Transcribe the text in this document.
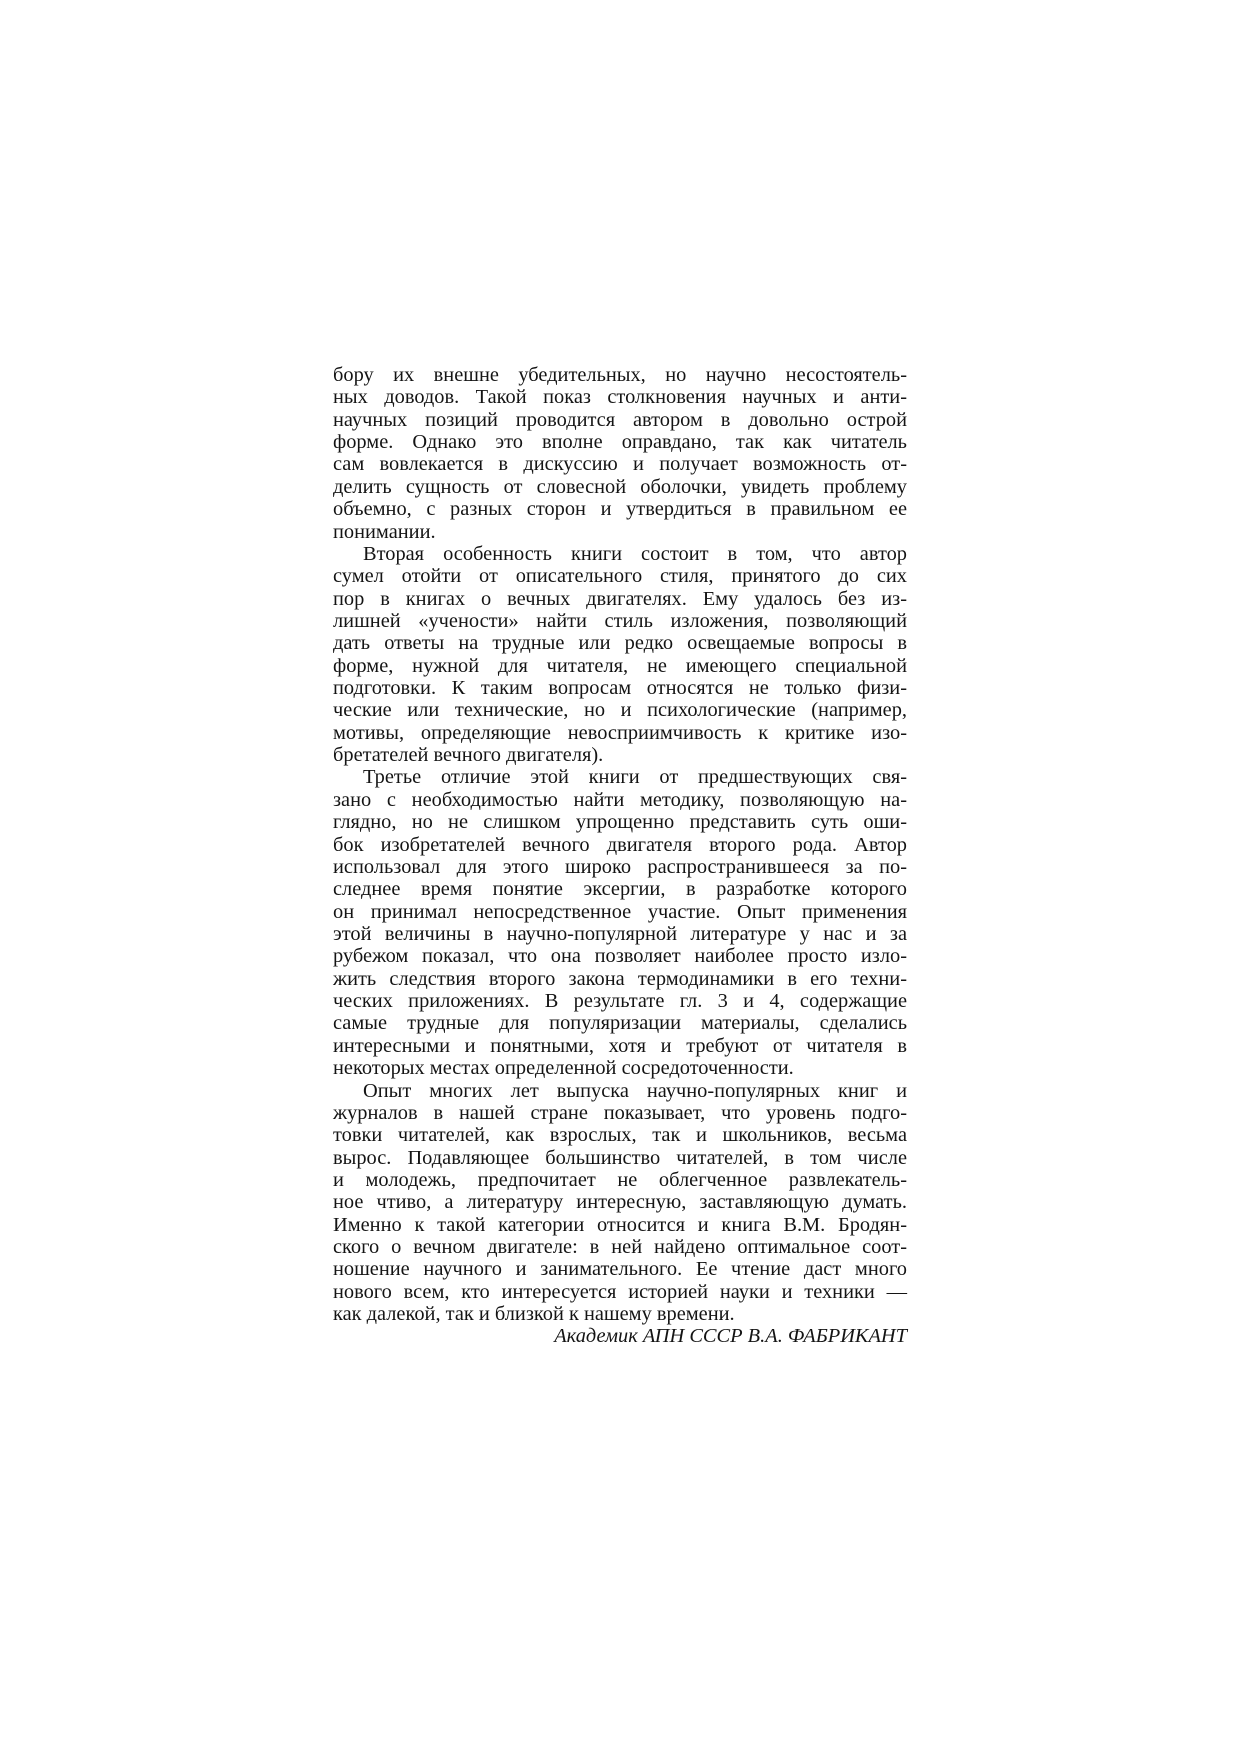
бору их внешне убедительных, но научно несостоятель-
ных доводов. Такой показ столкновения научных и анти-
научных позиций проводится автором в довольно острой
форме. Однако это вполне оправдано, так как читатель
сам вовлекается в дискуссию и получает возможность от-
делить сущность от словесной оболочки, увидеть проблему
объемно, с разных сторон и утвердиться в правильном ее
понимании.
Вторая особенность книги состоит в том, что автор
сумел отойти от описательного стиля, принятого до сих
пор в книгах о вечных двигателях. Ему удалось без из-
лишней «учености» найти стиль изложения, позволяющий
дать ответы на трудные или редко освещаемые вопросы в
форме, нужной для читателя, не имеющего специальной
подготовки. К таким вопросам относятся не только физи-
ческие или технические, но и психологические (например,
мотивы, определяющие невосприимчивость к критике изо-
бретателей вечного двигателя).
Третье отличие этой книги от предшествующих свя-
зано с необходимостью найти методику, позволяющую на-
глядно, но не слишком упрощенно представить суть оши-
бок изобретателей вечного двигателя второго рода. Автор
использовал для этого широко распространившееся за по-
следнее время понятие эксергии, в разработке которого
он принимал непосредственное участие. Опыт применения
этой величины в научно-популярной литературе у нас и за
рубежом показал, что она позволяет наиболее просто изло-
жить следствия второго закона термодинамики в его техни-
ческих приложениях. В результате гл. 3 и 4, содержащие
самые трудные для популяризации материалы, сделались
интересными и понятными, хотя и требуют от читателя в
некоторых местах определенной сосредоточенности.
Опыт многих лет выпуска научно-популярных книг и
журналов в нашей стране показывает, что уровень подго-
товки читателей, как взрослых, так и школьников, весьма
вырос. Подавляющее большинство читателей, в том числе
и молодежь, предпочитает не облегченное развлекатель-
ное чтиво, а литературу интересную, заставляющую думать.
Именно к такой категории относится и книга В.М. Бродян-
ского о вечном двигателе: в ней найдено оптимальное соот-
ношение научного и занимательного. Ее чтение даст много
нового всем, кто интересуется историей науки и техники —
как далекой, так и близкой к нашему времени.
Академик АПН СССР В.А. ФАБРИКАНТ
